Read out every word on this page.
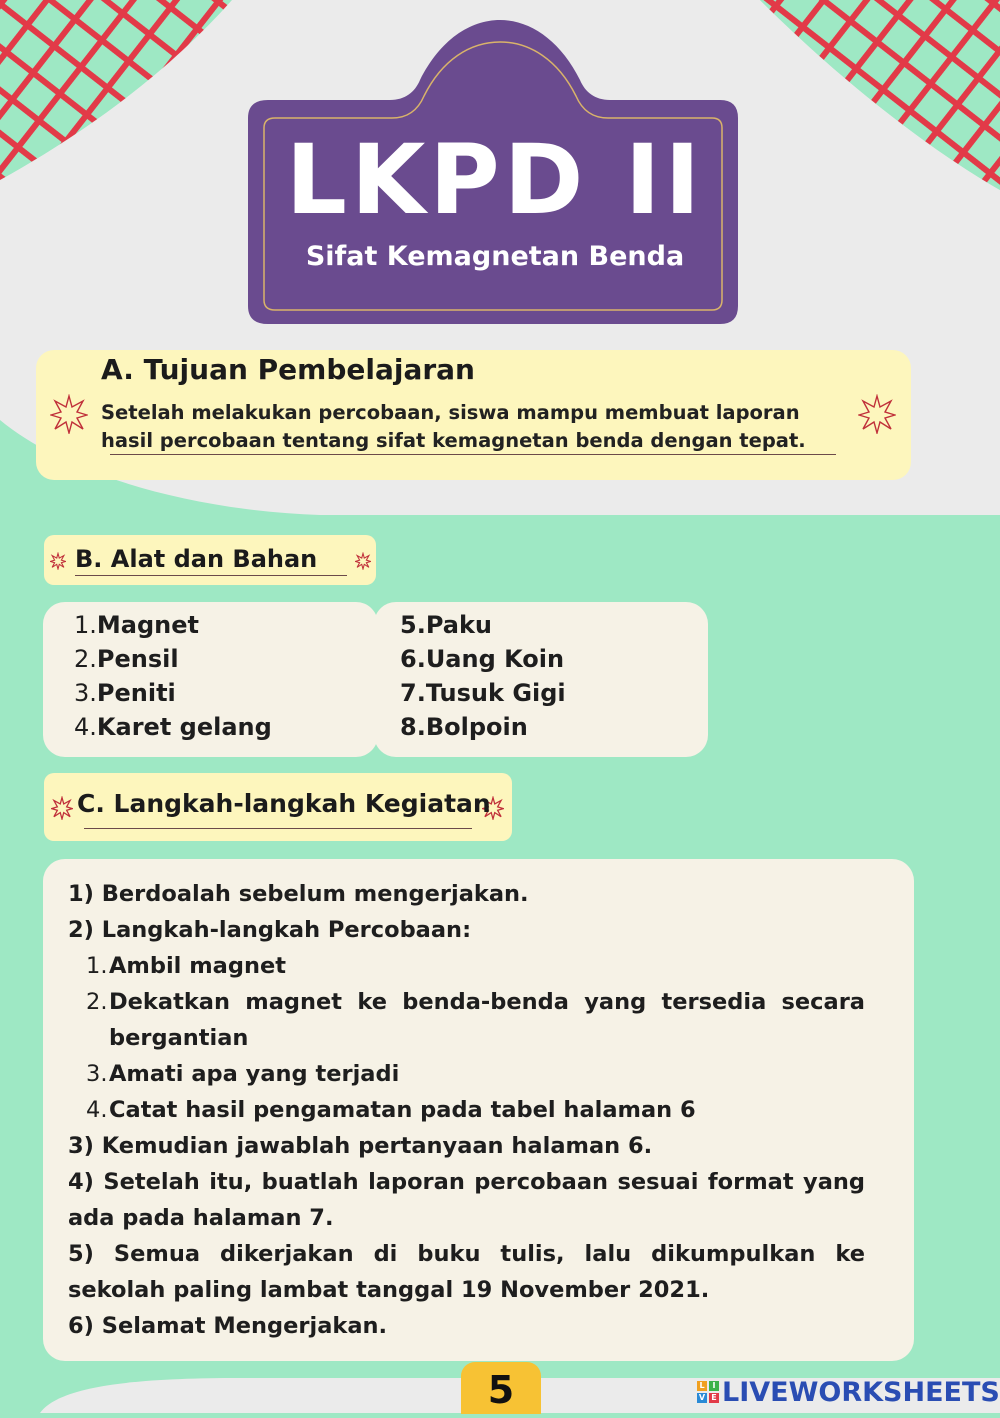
LKPD II
Sifat Kemagnetan Benda
A. Tujuan Pembelajaran
Setelah melakukan percobaan, siswa mampu membuat laporan hasil percobaan tentang sifat kemagnetan benda dengan tepat.
B. Alat dan Bahan
1.Magnet
2.Pensil
3.Peniti
4.Karet gelang
5.Paku
6.Uang Koin
7.Tusuk Gigi
8.Bolpoin
C. Langkah-langkah Kegiatan
1) Berdoalah sebelum mengerjakan.
2) Langkah-langkah Percobaan:
1. Ambil magnet
2. Dekatkan magnet ke benda-benda yang tersedia secara bergantian
3. Amati apa yang terjadi
4. Catat hasil pengamatan pada tabel halaman 6
3) Kemudian jawablah pertanyaan halaman 6.
4) Setelah itu, buatlah laporan percobaan sesuai format yang ada pada halaman 7.
5) Semua dikerjakan di buku tulis, lalu dikumpulkan ke sekolah paling lambat tanggal 19 November 2021.
6) Selamat Mengerjakan.
5	L I
V E LIVEWORKSHEETS
